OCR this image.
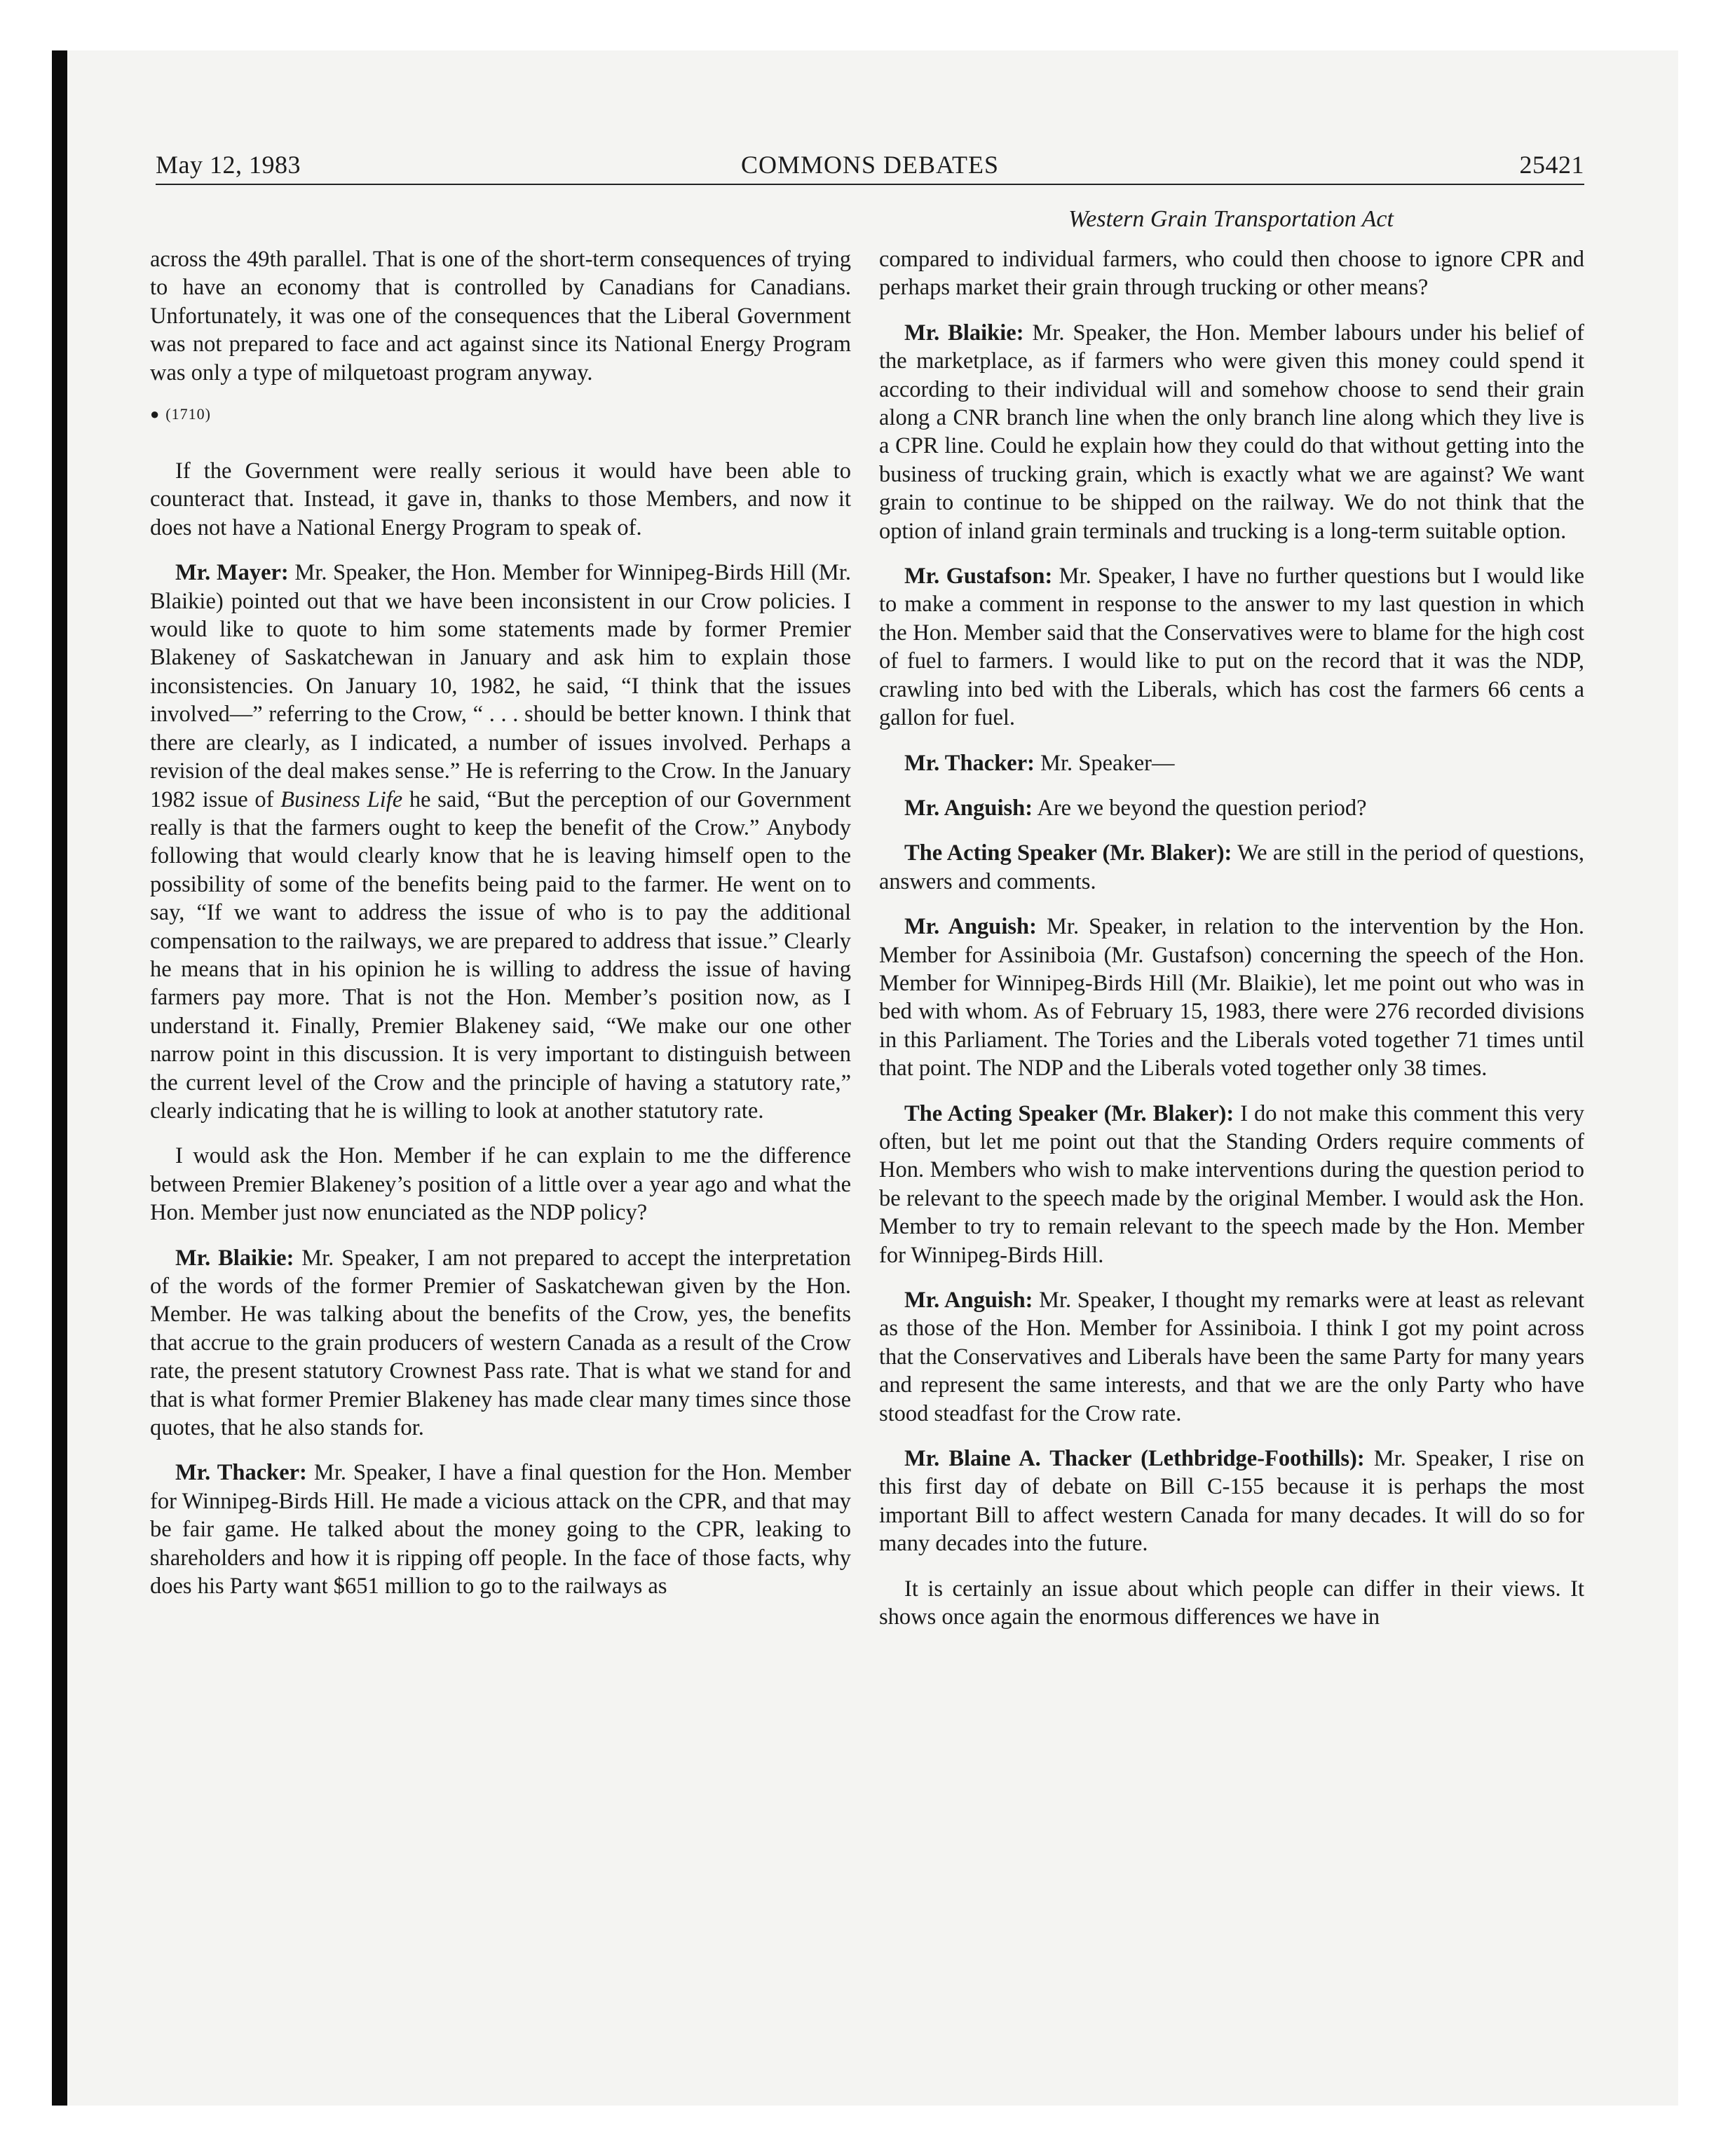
May 12, 1983	COMMONS DEBATES	25421
Western Grain Transportation Act

across the 49th parallel. That is one of the short-term consequences of trying to have an economy that is controlled by Canadians for Canadians. Unfortunately, it was one of the consequences that the Liberal Government was not prepared to face and act against since its National Energy Program was only a type of milquetoast program anyway.

● (1710)

If the Government were really serious it would have been able to counteract that. Instead, it gave in, thanks to those Members, and now it does not have a National Energy Program to speak of.

Mr. Mayer: Mr. Speaker, the Hon. Member for Winnipeg-Birds Hill (Mr. Blaikie) pointed out that we have been inconsistent in our Crow policies. I would like to quote to him some statements made by former Premier Blakeney of Saskatchewan in January and ask him to explain those inconsistencies. On January 10, 1982, he said, “I think that the issues involved—” referring to the Crow, “ . . . should be better known. I think that there are clearly, as I indicated, a number of issues involved. Perhaps a revision of the deal makes sense.” He is referring to the Crow. In the January 1982 issue of Business Life he said, “But the perception of our Government really is that the farmers ought to keep the benefit of the Crow.” Anybody following that would clearly know that he is leaving himself open to the possibility of some of the benefits being paid to the farmer. He went on to say, “If we want to address the issue of who is to pay the additional compensation to the railways, we are prepared to address that issue.” Clearly he means that in his opinion he is willing to address the issue of having farmers pay more. That is not the Hon. Member’s position now, as I understand it. Finally, Premier Blakeney said, “We make our one other narrow point in this discussion. It is very important to distinguish between the current level of the Crow and the principle of having a statutory rate,” clearly indicating that he is willing to look at another statutory rate.

I would ask the Hon. Member if he can explain to me the difference between Premier Blakeney’s position of a little over a year ago and what the Hon. Member just now enunciated as the NDP policy?

Mr. Blaikie: Mr. Speaker, I am not prepared to accept the interpretation of the words of the former Premier of Saskatchewan given by the Hon. Member. He was talking about the benefits of the Crow, yes, the benefits that accrue to the grain producers of western Canada as a result of the Crow rate, the present statutory Crownest Pass rate. That is what we stand for and that is what former Premier Blakeney has made clear many times since those quotes, that he also stands for.

Mr. Thacker: Mr. Speaker, I have a final question for the Hon. Member for Winnipeg-Birds Hill. He made a vicious attack on the CPR, and that may be fair game. He talked about the money going to the CPR, leaking to shareholders and how it is ripping off people. In the face of those facts, why does his Party want $651 million to go to the railways as

compared to individual farmers, who could then choose to ignore CPR and perhaps market their grain through trucking or other means?

Mr. Blaikie: Mr. Speaker, the Hon. Member labours under his belief of the marketplace, as if farmers who were given this money could spend it according to their individual will and somehow choose to send their grain along a CNR branch line when the only branch line along which they live is a CPR line. Could he explain how they could do that without getting into the business of trucking grain, which is exactly what we are against? We want grain to continue to be shipped on the railway. We do not think that the option of inland grain terminals and trucking is a long-term suitable option.

Mr. Gustafson: Mr. Speaker, I have no further questions but I would like to make a comment in response to the answer to my last question in which the Hon. Member said that the Conservatives were to blame for the high cost of fuel to farmers. I would like to put on the record that it was the NDP, crawling into bed with the Liberals, which has cost the farmers 66 cents a gallon for fuel.

Mr. Thacker: Mr. Speaker—

Mr. Anguish: Are we beyond the question period?

The Acting Speaker (Mr. Blaker): We are still in the period of questions, answers and comments.

Mr. Anguish: Mr. Speaker, in relation to the intervention by the Hon. Member for Assiniboia (Mr. Gustafson) concerning the speech of the Hon. Member for Winnipeg-Birds Hill (Mr. Blaikie), let me point out who was in bed with whom. As of February 15, 1983, there were 276 recorded divisions in this Parliament. The Tories and the Liberals voted together 71 times until that point. The NDP and the Liberals voted together only 38 times.

The Acting Speaker (Mr. Blaker): I do not make this comment this very often, but let me point out that the Standing Orders require comments of Hon. Members who wish to make interventions during the question period to be relevant to the speech made by the original Member. I would ask the Hon. Member to try to remain relevant to the speech made by the Hon. Member for Winnipeg-Birds Hill.

Mr. Anguish: Mr. Speaker, I thought my remarks were at least as relevant as those of the Hon. Member for Assiniboia. I think I got my point across that the Conservatives and Liberals have been the same Party for many years and represent the same interests, and that we are the only Party who have stood steadfast for the Crow rate.

Mr. Blaine A. Thacker (Lethbridge-Foothills): Mr. Speaker, I rise on this first day of debate on Bill C-155 because it is perhaps the most important Bill to affect western Canada for many decades. It will do so for many decades into the future.

It is certainly an issue about which people can differ in their views. It shows once again the enormous differences we have in
